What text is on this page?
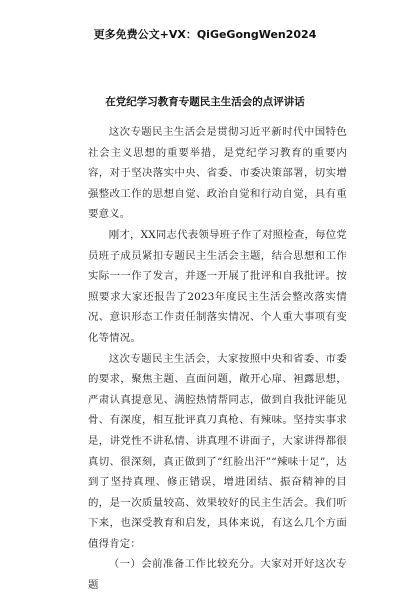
更多免费公文+VX：QiGeGongWen2024
在党纪学习教育专题民主生活会的点评讲话

这次专题民主生活会是贯彻习近平新时代中国特色社会主义思想的重要举措，是党纪学习教育的重要内容，对于坚决落实中央、省委、市委决策部署，切实增强整改工作的思想自觉、政治自觉和行动自觉，具有重要意义。

刚才，XX同志代表领导班子作了对照检查，每位党员班子成员紧扣专题民主生活会主题，结合思想和工作实际一一作了发言，并逐一开展了批评和自我批评。按照要求大家还报告了2023年度民主生活会整改落实情况、意识形态工作责任制落实情况、个人重大事项有变化等情况。

这次专题民主生活会，大家按照中央和省委、市委的要求，聚焦主题、直面问题，敞开心扉、袒露思想，严肃认真提意见、满腔热情帮同志，做到自我批评能见骨、有深度，相互批评真刀真枪、有辣味。坚持实事求是，讲党性不讲私情、讲真理不讲面子，大家讲得都很真切、很深刻，真正做到了“红脸出汗”“辣味十足”，达到了坚持真理、修正错误，增进团结、振奋精神的目的，是一次质量较高、效果较好的民主生活会。我们听下来，也深受教育和启发，具体来说，有这么几个方面值得肯定：

（一）会前准备工作比较充分。大家对开好这次专题
